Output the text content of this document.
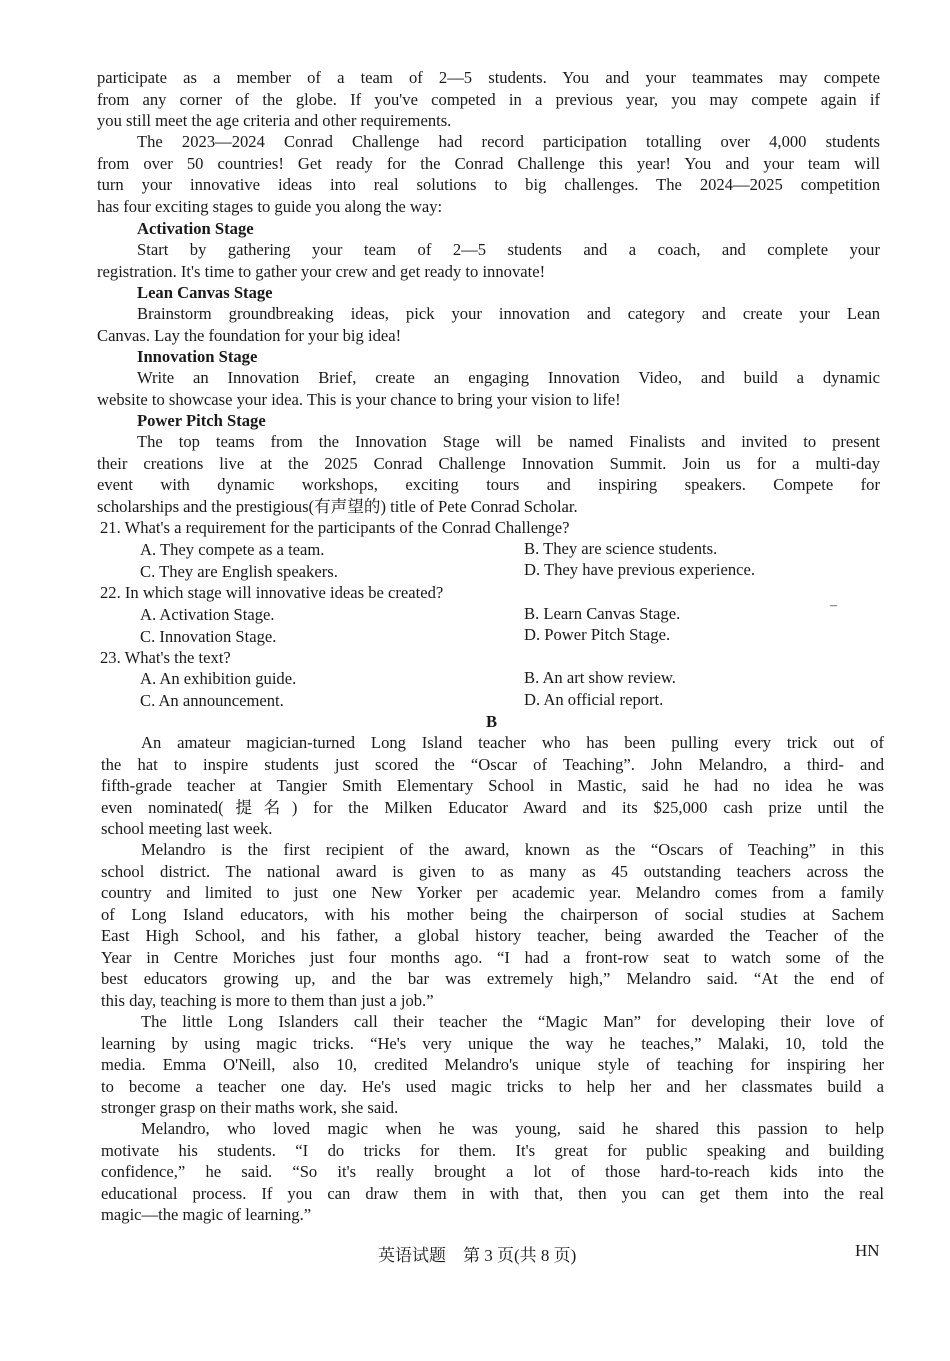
participate as a member of a team of 2—5 students. You and your teammates may compete
from any corner of the globe. If you've competed in a previous year, you may compete again if
you still meet the age criteria and other requirements.
The 2023—2024 Conrad Challenge had record participation totalling over 4,000 students
from over 50 countries! Get ready for the Conrad Challenge this year! You and your team will
turn your innovative ideas into real solutions to big challenges. The 2024—2025 competition
has four exciting stages to guide you along the way:
Activation Stage
Start by gathering your team of 2—5 students and a coach, and complete your
registration. It's time to gather your crew and get ready to innovate!
Lean Canvas Stage
Brainstorm groundbreaking ideas, pick your innovation and category and create your Lean
Canvas. Lay the foundation for your big idea!
Innovation Stage
Write an Innovation Brief, create an engaging Innovation Video, and build a dynamic
website to showcase your idea. This is your chance to bring your vision to life!
Power Pitch Stage
The top teams from the Innovation Stage will be named Finalists and invited to present
their creations live at the 2025 Conrad Challenge Innovation Summit. Join us for a multi-day
event with dynamic workshops, exciting tours and inspiring speakers. Compete for
scholarships and the prestigious(有声望的) title of Pete Conrad Scholar.
21. What's a requirement for the participants of the Conrad Challenge?
A. They compete as a team.	B. They are science students.
C. They are English speakers.	D. They have previous experience.
22. In which stage will innovative ideas be created?
A. Activation Stage.	B. Learn Canvas Stage.
C. Innovation Stage.	D. Power Pitch Stage.
–
23. What's the text?
A. An exhibition guide.	B. An art show review.
C. An announcement.	D. An official report.
B
An amateur magician-turned Long Island teacher who has been pulling every trick out of
the hat to inspire students just scored the “Oscar of Teaching”. John Melandro, a third- and
fifth-grade teacher at Tangier Smith Elementary School in Mastic, said he had no idea he was
even nominated(提名) for the Milken Educator Award and its $25,000 cash prize until the
school meeting last week.
Melandro is the first recipient of the award, known as the “Oscars of Teaching” in this
school district. The national award is given to as many as 45 outstanding teachers across the
country and limited to just one New Yorker per academic year. Melandro comes from a family
of Long Island educators, with his mother being the chairperson of social studies at Sachem
East High School, and his father, a global history teacher, being awarded the Teacher of the
Year in Centre Moriches just four months ago. “I had a front-row seat to watch some of the
best educators growing up, and the bar was extremely high,” Melandro said. “At the end of
this day, teaching is more to them than just a job.”
The little Long Islanders call their teacher the “Magic Man” for developing their love of
learning by using magic tricks. “He's very unique the way he teaches,” Malaki, 10, told the
media. Emma O'Neill, also 10, credited Melandro's unique style of teaching for inspiring her
to become a teacher one day. He's used magic tricks to help her and her classmates build a
stronger grasp on their maths work, she said.
Melandro, who loved magic when he was young, said he shared this passion to help
motivate his students. “I do tricks for them. It's great for public speaking and building
confidence,” he said. “So it's really brought a lot of those hard-to-reach kids into the
educational process. If you can draw them in with that, then you can get them into the real
magic—the magic of learning.”
英语试题　第 3 页(共 8 页)	HN
